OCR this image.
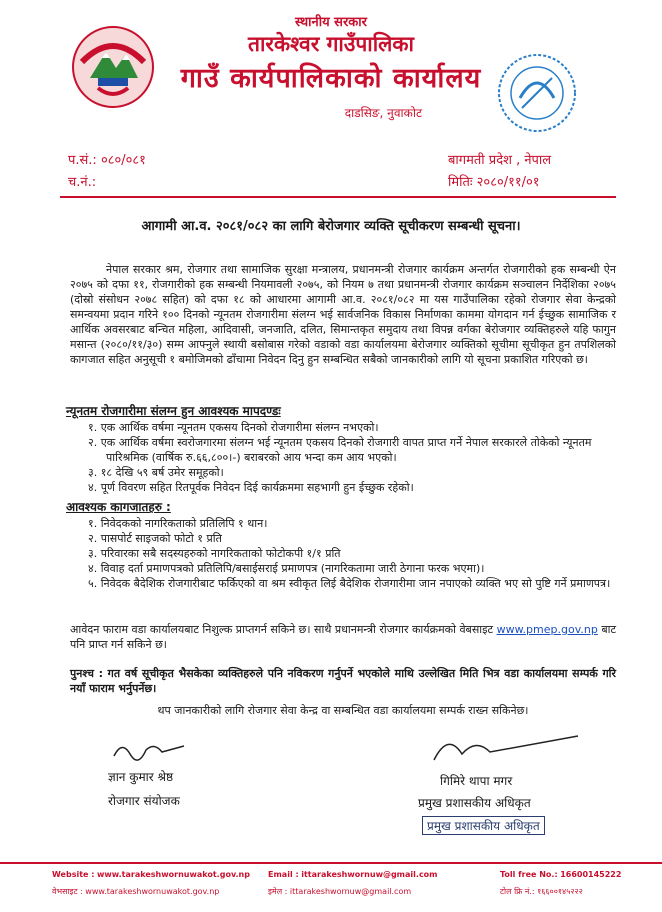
स्थानीय सरकार
तारकेश्वर गाउँपालिका
गाउँ कार्यपालिकाको कार्यालय
दाडसिङ, नुवाकोट
प.सं.: ०८०/०८१
च.नं.:
बागमती प्रदेश , नेपाल
मितिः २०८०/११/०१
आगामी आ.व. २०८१/०८२ का लागि बेरोजगार व्यक्ति सूचीकरण सम्बन्धी सूचना।
नेपाल सरकार श्रम, रोजगार तथा सामाजिक सुरक्षा मन्त्रालय, प्रधानमन्त्री रोजगार कार्यक्रम अन्तर्गत रोजगारीको हक सम्बन्धी ऐन २०७५ को दफा ११, रोजगारीको हक सम्बन्धी नियमावली २०७५, को नियम ७ तथा प्रधानमन्त्री रोजगार कार्यक्रम सञ्चालन निर्देशिका २०७५ (दोस्रो संसोधन २०७८ सहित) को दफा १८ को आधारमा आगामी आ.व. २०८१/०८२ मा यस गाउँपालिका रहेको रोजगार सेवा केन्द्रको समन्वयमा प्रदान गरिने १०० दिनको न्यूनतम रोजगारीमा संलग्न भई सार्वजनिक विकास निर्माणका काममा योगदान गर्न ईच्छुक सामाजिक र आर्थिक अवसरबाट बन्चित महिला, आदिवासी, जनजाति, दलित, सिमान्तकृत समुदाय तथा विपन्न वर्गका बेरोजगार व्यक्तिहरुले यहि फागुन मसान्त (२०८०/११/३०) सम्म आफ्नुले स्थायी बसोबास गरेको वडाको वडा कार्यालयमा बेरोजगार व्यक्तिको सूचीमा सूचीकृत हुन तपशिलको कागजात सहित अनुसूची १ बमोजिमको ढाँचामा निवेदन दिनु हुन सम्बन्धित सबैको जानकारीको लागि यो सूचना प्रकाशित गरिएको छ।
न्यूनतम रोजगारीमा संलग्न हुन आवश्यक मापदण्डः
१. एक आर्थिक वर्षमा न्यूनतम एकसय दिनको रोजगारीमा संलग्न नभएको।
२. एक आर्थिक वर्षमा स्वरोजगारमा संलग्न भई न्यूनतम एकसय दिनको रोजगारी वापत प्राप्त गर्ने नेपाल सरकारले तोकेको न्यूनतम पारिश्रमिक (वार्षिक रु.६६,८००।-) बराबरको आय भन्दा कम आय भएको।
३. १८ देखि ५९ बर्ष उमेर समूहको।
४. पूर्ण विवरण सहित रितपूर्वक निवेदन दिई कार्यक्रममा सहभागी हुन ईच्छुक रहेको।
आवश्यक कागजातहरु :
१. निवेदकको नागरिकताको प्रतिलिपि १ थान।
२. पासपोर्ट साइजको फोटो १ प्रति
३. परिवारका सबै सदस्यहरुको नागरिकताको फोटोकपी १/१ प्रति
४. विवाह दर्ता प्रमाणपत्रको प्रतिलिपि/बसाईसराई प्रमाणपत्र (नागरिकतामा जारी ठेगाना फरक भएमा)।
५. निवेदक बैदेशिक रोजगारीबाट फर्किएको वा श्रम स्वीकृत लिई बैदेशिक रोजगारीमा जान नपाएको व्यक्ति भए सो पुष्टि गर्ने प्रमाणपत्र।
आवेदन फाराम वडा कार्यालयबाट निशुल्क प्राप्तगर्न सकिने छ। साथै प्रधानमन्त्री रोजगार कार्यक्रमको वेबसाइट www.pmep.gov.np बाट पनि प्राप्त गर्न सकिने छ।
पुनश्च : गत वर्ष सूचीकृत भैसकेका व्यक्तिहरुले पनि नविकरण गर्नुपर्ने भएकोले माथि उल्लेखित मिति भित्र वडा कार्यालयमा सम्पर्क गरि नयाँ फाराम भर्नुपर्नेछ।
थप जानकारीको लागि रोजगार सेवा केन्द्र वा सम्बन्धित वडा कार्यालयमा सम्पर्क राख्न सकिनेछ।
ज्ञान कुमार श्रेष्ठ
रोजगार संयोजक
गिमिरे थापा मगर
प्रमुख प्रशासकीय अधिकृत
प्रमुख प्रशासकीय अधिकृत
Website : www.tarakeshwornuwakot.gov.np
वेभसाइट : www.tarakeshwornuwakot.gov.np
Email : ittarakeshwornuw@gmail.com
इमेल : ittarakeshwornuw@gmail.com
Toll free No.: 16600145222
टोल फ्रि नं.: १६६००१४५२२२
